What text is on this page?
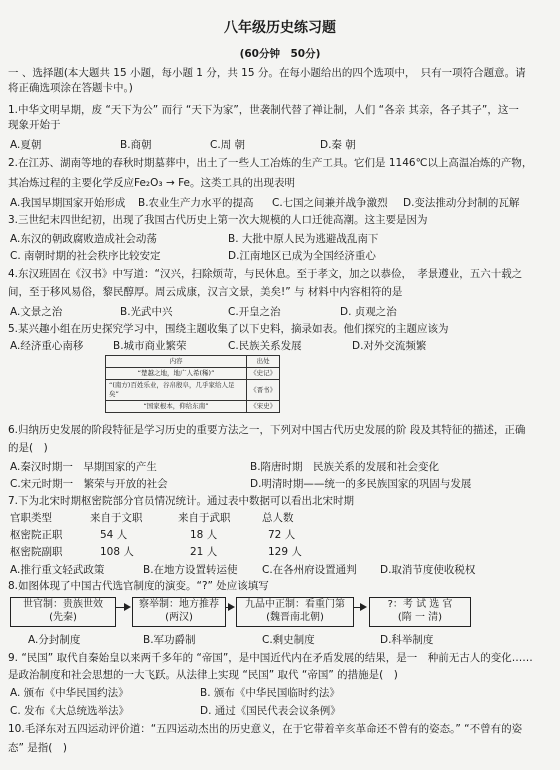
八年级历史练习题
(60分钟　50分)
一 、选择题(本大题共 15 小题，每小题 1 分，共 15 分。在每小题给出的四个选项中，　只有一项符合题意。请
将正确选项涂在答题卡中。)
1.中华文明早期，废 “天下为公” 而行 “天下为家”，世袭制代替了禅让制，人们 “各亲 其亲，各子其子”，这一
现象开始于
A.夏朝	B.商朝	C.周 朝	D.秦 朝
2.在江苏、湖南等地的春秋时期墓葬中，出土了一些人工冶炼的生产工具。它们是 1146℃以上高温冶炼的产物，
其冶炼过程的主要化学反应Fe₂O₃ → Fe。这类工具的出现表明
A.我国早期国家开始形成 B.农业生产力水平的提高 C.七国之间兼并战争激烈 D.变法推动分封制的瓦解
3.三世纪末四世纪初，出现了我国古代历史上第一次大规模的人口迁徙高潮。这主要是因为
A.东汉的朝政腐败造成社会动荡	B. 大批中原人民为逃避战乱南下
C. 南朝时期的社会秩序比较安定	D.江南地区已成为全国经济重心
4.东汉班固在《汉书》中写道：“汉兴，扫除烦苛，与民休息。至于孝文，加之以恭俭，　孝景遵业，五六十载之
间，至于移风易俗，黎民醇厚。周云成康，汉言文景，美矣!” 与 材料中内容相符的是
A.文景之治	B.光武中兴	C.开皇之治	D. 贞观之治
5.某兴趣小组在历史探究学习中，围绕主题收集了以下史料，摘录如表。他们探究的主题应该为
A.经济重心南移	B.城市商业繁荣	C.民族关系发展	D.对外交流频繁
内容	出处
“楚越之地，地广人希(稀)”	《史记》
“(南方)百姓乐业，谷帛殷阜，几乎家给人足矣”	《晋书》
“国家根本，仰给东南”	《宋史》
6.归纳历史发展的阶段特征是学习历史的重要方法之一，下列对中国古代历史发展的阶 段及其特征的描述，正确
的是(　)
A.秦汉时期一　早期国家的产生	B.隋唐时期　民族关系的发展和社会变化
C.宋元时期一　繁荣与开放的社会	D.明清时期——统一的多民族国家的巩固与发展
7.下为北宋时期枢密院部分官员情况统计。通过表中数据可以看出北宋时期
官职类型	来自于文职	来自于武职	总人数
枢密院正职	54 人	18 人	72 人
枢密院副职	108 人	21 人	129 人
A.推行重文轻武政策	B.在地方设置转运使 C.在各州府设置通判 D.取消节度使收税权
8.如图体现了中国古代选官制度的演变。“?” 处应该填写
世官制：贵族世效
(先秦)
察举制：地方推荐
(两汉)
九品中正制：看重门第
(魏晋南北朝)
?：考 试 选 官
(隋 一 清)
A.分封制度	B.军功爵制	C.剩史制度	D.科举制度
9. “民国” 取代自秦始皇以来两千多年的 “帝国”，是中国近代内在矛盾发展的结果，是一　种前无古人的变化……
是政治制度和社会思想的一大飞跃。从法律上实现 “民国” 取代 “帝国” 的措施是(　)
A. 颁布《中华民国约法》	B. 颁布《中华民国临时约法》
C. 发布《大总统选举法》	D. 通过《国民代表会议条例》
10.毛泽东对五四运动评价道：“五四运动杰出的历史意义，在于它带着辛亥革命还不曾有的姿态。” “不曾有的姿
态” 是指(　)
